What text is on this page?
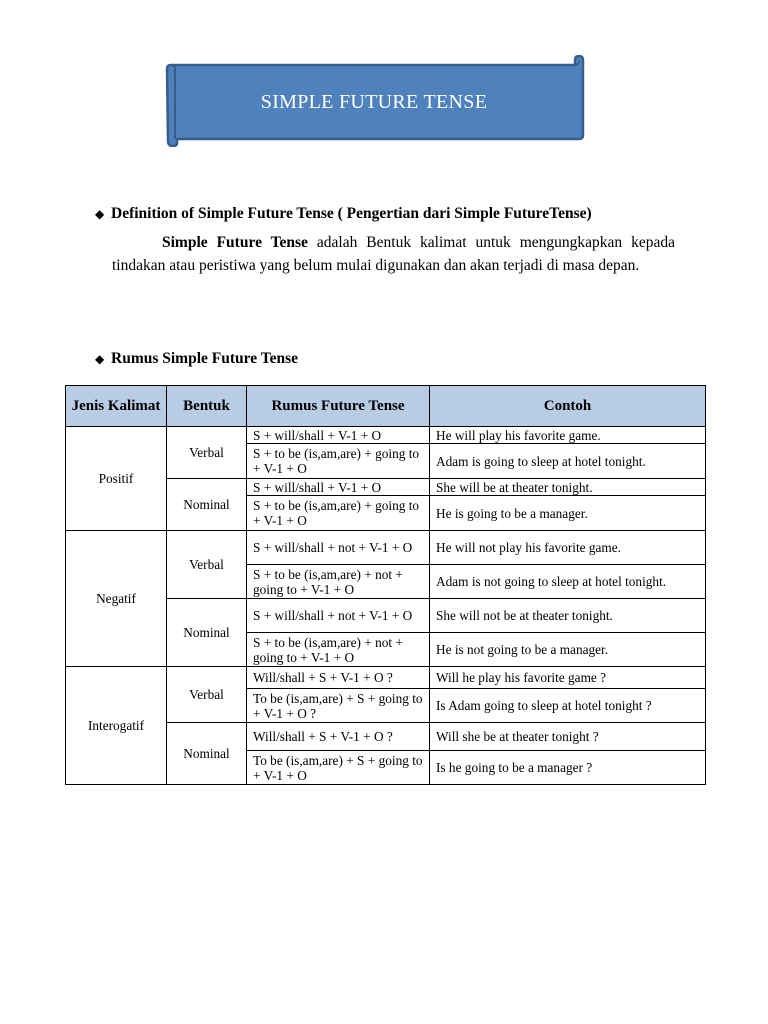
SIMPLE FUTURE TENSE
◆ Definition of Simple Future Tense ( Pengertian dari Simple FutureTense)
Simple Future Tense adalah Bentuk kalimat untuk mengungkapkan kepada tindakan atau peristiwa yang belum mulai digunakan dan akan terjadi di masa depan.
◆ Rumus Simple Future Tense
Jenis Kalimat	Bentuk	Rumus Future Tense	Contoh
Positif	Verbal	S + will/shall + V-1 + O	He will play his favorite game.
		S + to be (is,am,are) + going to + V-1 + O	Adam is going to sleep at hotel tonight.
	Nominal	S + will/shall + V-1 + O	She will be at theater tonight.
		S + to be (is,am,are) + going to + V-1 + O	He is going to be a manager.
Negatif	Verbal	S + will/shall + not + V-1 + O	He will not play his favorite game.
		S + to be (is,am,are) + not + going to + V-1 + O	Adam is not going to sleep at hotel tonight.
	Nominal	S + will/shall + not + V-1 + O	She will not be at theater tonight.
		S + to be (is,am,are) + not + going to + V-1 + O	He is not going to be a manager.
Interogatif	Verbal	Will/shall + S + V-1 + O ?	Will he play his favorite game ?
		To be (is,am,are) + S + going to + V-1 + O ?	Is Adam going to sleep at hotel tonight ?
	Nominal	Will/shall + S + V-1 + O ?	Will she be at theater tonight ?
		To be (is,am,are) + S + going to + V-1 + O	Is he going to be a manager ?
